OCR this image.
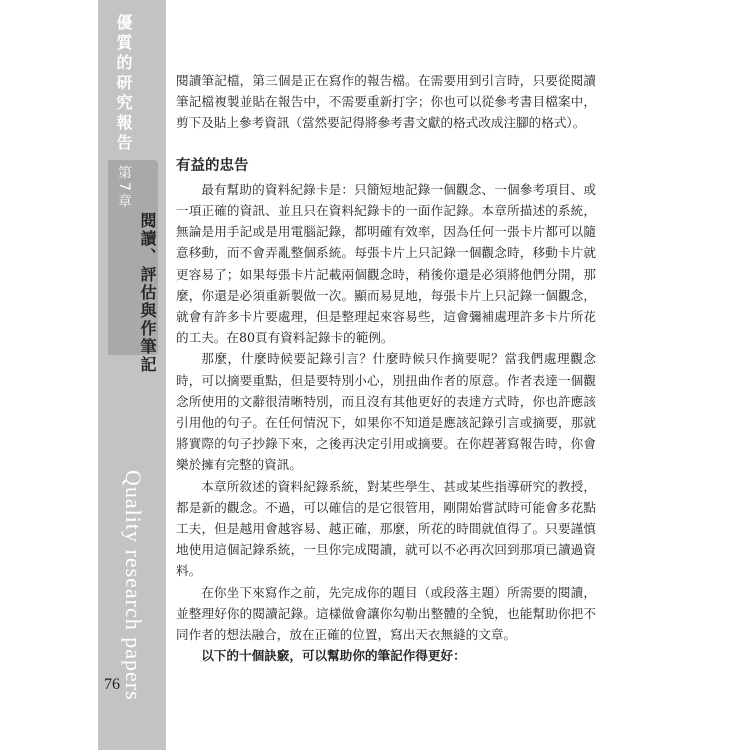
優質的研究報告
第7章
閱讀、評估與作筆記
Quality research papers
76

閱讀筆記檔，第三個是正在寫作的報告檔。在需要用到引言時，只要從閱讀筆記檔複製並貼在報告中，不需要重新打字；你也可以從參考書目檔案中，剪下及貼上參考資訊（當然要記得將參考書文獻的格式改成注腳的格式）。

有益的忠告

最有幫助的資料紀錄卡是：只簡短地記錄一個觀念、一個參考項目、或一項正確的資訊、並且只在資料紀錄卡的一面作記錄。本章所描述的系統，無論是用手記或是用電腦記錄，都明確有效率，因為任何一張卡片都可以隨意移動，而不會弄亂整個系統。每張卡片上只記錄一個觀念時，移動卡片就更容易了；如果每張卡片記載兩個觀念時，稍後你還是必須將他們分開，那麼，你還是必須重新製做一次。顯而易見地，每張卡片上只記錄一個觀念，就會有許多卡片要處理，但是整理起來容易些，這會彌補處理許多卡片所花的工夫。在80頁有資料記錄卡的範例。

那麼，什麼時候要記錄引言？什麼時候只作摘要呢？當我們處理觀念時，可以摘要重點，但是要特別小心，別扭曲作者的原意。作者表達一個觀念所使用的文辭很清晰特別，而且沒有其他更好的表達方式時，你也許應該引用他的句子。在任何情況下，如果你不知道是應該記錄引言或摘要，那就將實際的句子抄錄下來，之後再決定引用或摘要。在你趕著寫報告時，你會樂於擁有完整的資訊。

本章所敘述的資料紀錄系統，對某些學生、甚或某些指導研究的教授，都是新的觀念。不過，可以確信的是它很管用，剛開始嘗試時可能會多花點工夫，但是越用會越容易、越正確，那麼，所花的時間就值得了。只要謹慎地使用這個記錄系統，一旦你完成閱讀，就可以不必再次回到那項已讀過資料。

在你坐下來寫作之前，先完成你的題目（或段落主題）所需要的閱讀，並整理好你的閱讀記錄。這樣做會讓你勾勒出整體的全貌，也能幫助你把不同作者的想法融合，放在正確的位置，寫出天衣無縫的文章。

以下的十個訣竅，可以幫助你的筆記作得更好：
